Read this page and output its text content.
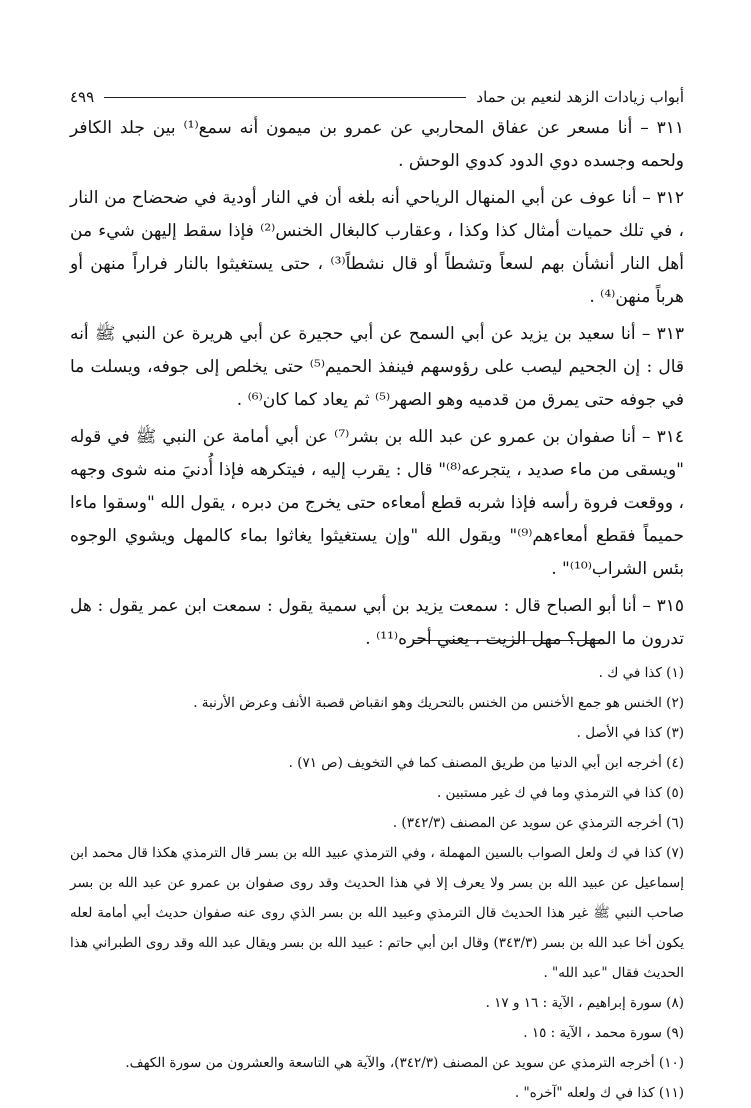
أبواب زيادات الزهد لنعيم بن حماد
٤٩٩

٣١١ – أنا مسعر عن عفاق المحاربي عن عمرو بن ميمون أنه سمع⁽¹⁾ بين جلد الكافر ولحمه وجسده دوي الدود كدوي الوحش .

٣١٢ – أنا عوف عن أبي المنهال الرياحي أنه بلغه أن في النار أودية في ضحضاح من النار ، في تلك حميات أمثال كذا وكذا ، وعقارب كالبغال الخنس⁽²⁾ فإذا سقط إليهن شيء من أهل النار أنشأن بهم لسعاً وتشطاً أو قال نشطاً⁽³⁾ ، حتى يستغيثوا بالنار فراراً منهن أو هرباً منهن⁽⁴⁾ .

٣١٣ – أنا سعيد بن يزيد عن أبي السمح عن أبي حجيرة عن أبي هريرة عن النبي ﷺ أنه قال : إن الجحيم ليصب على رؤوسهم فينفذ الحميم⁽⁵⁾ حتى يخلص إلى جوفه، ويسلت ما في جوفه حتى يمرق من قدميه وهو الصهر⁽⁵⁾ ثم يعاد كما كان⁽⁶⁾ .

٣١٤ – أنا صفوان بن عمرو عن عبد الله بن بشر⁽⁷⁾ عن أبي أمامة عن النبي ﷺ في قوله "ويسقى من ماء صديد ، يتجرعه⁽⁸⁾" قال : يقرب إليه ، فيتكرهه فإذا أُدنيَ منه شوى وجهه ، ووقعت فروة رأسه فإذا شربه قطع أمعاءه حتى يخرج من دبره ، يقول الله "وسقوا ماءا حميماً فقطع أمعاءهم⁽⁹⁾" ويقول الله "وإن يستغيثوا يغاثوا بماء كالمهل ويشوي الوجوه بئس الشراب⁽¹⁰⁾" .

٣١٥ – أنا أبو الصباح قال : سمعت يزيد بن أبي سمية يقول : سمعت ابن عمر يقول : هل تدرون ما المهل؟ مهل الزيت ، يعني أحره⁽¹¹⁾ .

(١) كذا في ك .

(٢) الخنس هو جمع الأخنس من الخنس بالتحريك وهو انقباض قصبة الأنف وعرض الأرنبة .

(٣) كذا في الأصل .

(٤) أخرجه ابن أبي الدنيا من طريق المصنف كما في التخويف (ص ٧١) .

(٥) كذا في الترمذي وما في ك غير مستبين .

(٦) أخرجه الترمذي عن سويد عن المصنف (٣٤٢/٣) .

(٧) كذا في ك ولعل الصواب بالسين المهملة ، وفي الترمذي عبيد الله بن بسر قال الترمذي هكذا قال محمد ابن إسماعيل عن عبيد الله بن بسر ولا يعرف إلا في هذا الحديث وقد روى صفوان بن عمرو عن عبد الله بن بسر صاحب النبي ﷺ غير هذا الحديث قال الترمذي وعبيد الله بن بسر الذي روى عنه صفوان حديث أبي أمامة لعله يكون أخا عبد الله بن بسر (٣٤٣/٣) وقال ابن أبي حاتم : عبيد الله بن بسر ويقال عبد الله وقد روى الطبراني هذا الحديث فقال "عبد الله" .

(٨) سورة إبراهيم ، الآية : ١٦ و ١٧ .

(٩) سورة محمد ، الآية : ١٥ .

(١٠) أخرجه الترمذي عن سويد عن المصنف (٣٤٢/٣)، والآية هي التاسعة والعشرون من سورة الكهف.

(١١) كذا في ك ولعله "آخره" .
